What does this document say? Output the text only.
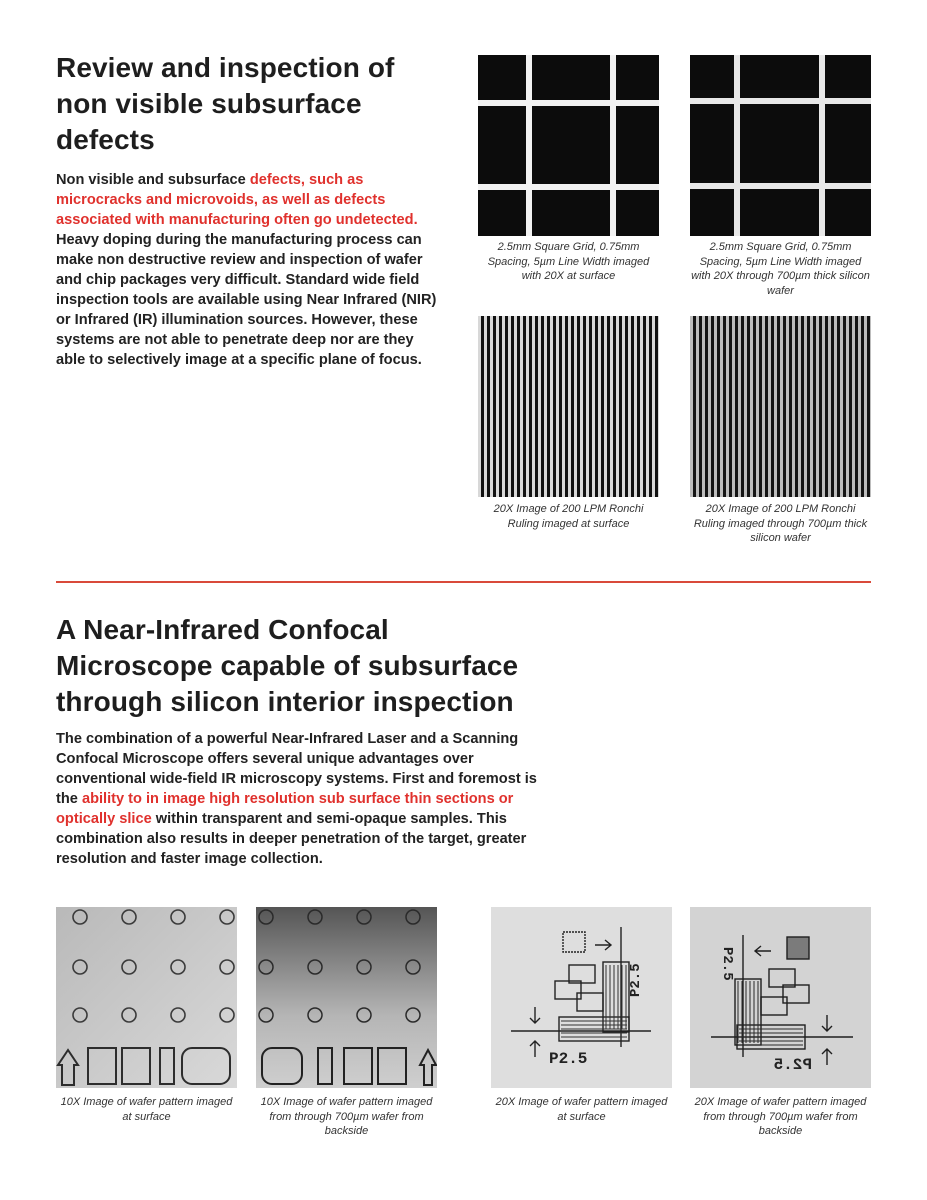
Review and inspection of
non visible subsurface
defects

Non visible and subsurface defects, such as microcracks and microvoids, as well as defects associated with manufacturing often go undetected. Heavy doping during the manufacturing process can make non destructive review and inspection of wafer and chip packages very difficult. Standard wide field inspection tools are available using Near Infrared (NIR) or Infrared (IR) illumination sources. However, these systems are not able to penetrate deep nor are they able to selectively image at a specific plane of focus.

2.5mm Square Grid, 0.75mm Spacing, 5µm Line Width imaged with 20X at surface
2.5mm Square Grid, 0.75mm Spacing, 5µm Line Width imaged with 20X through 700µm thick silicon wafer
20X Image of 200 LPM Ronchi Ruling imaged at surface
20X Image of 200 LPM Ronchi Ruling imaged through 700µm thick silicon wafer
A Near-Infrared Confocal
Microscope capable of subsurface
through silicon interior inspection

The combination of a powerful Near-Infrared Laser and a Scanning Confocal Microscope offers several unique advantages over conventional wide-field IR microscopy systems. First and foremost is the ability to in image high resolution sub surface thin sections or optically slice within transparent and semi-opaque samples. This combination also results in deeper penetration of the target, greater resolution and faster image collection.

10X Image of wafer pattern imaged at surface
10X Image of wafer pattern imaged from through 700µm wafer from backside
P2.5
P2.5
20X Image of wafer pattern imaged at surface
P2.5
P2.5
20X Image of wafer pattern imaged from through 700µm wafer from backside
